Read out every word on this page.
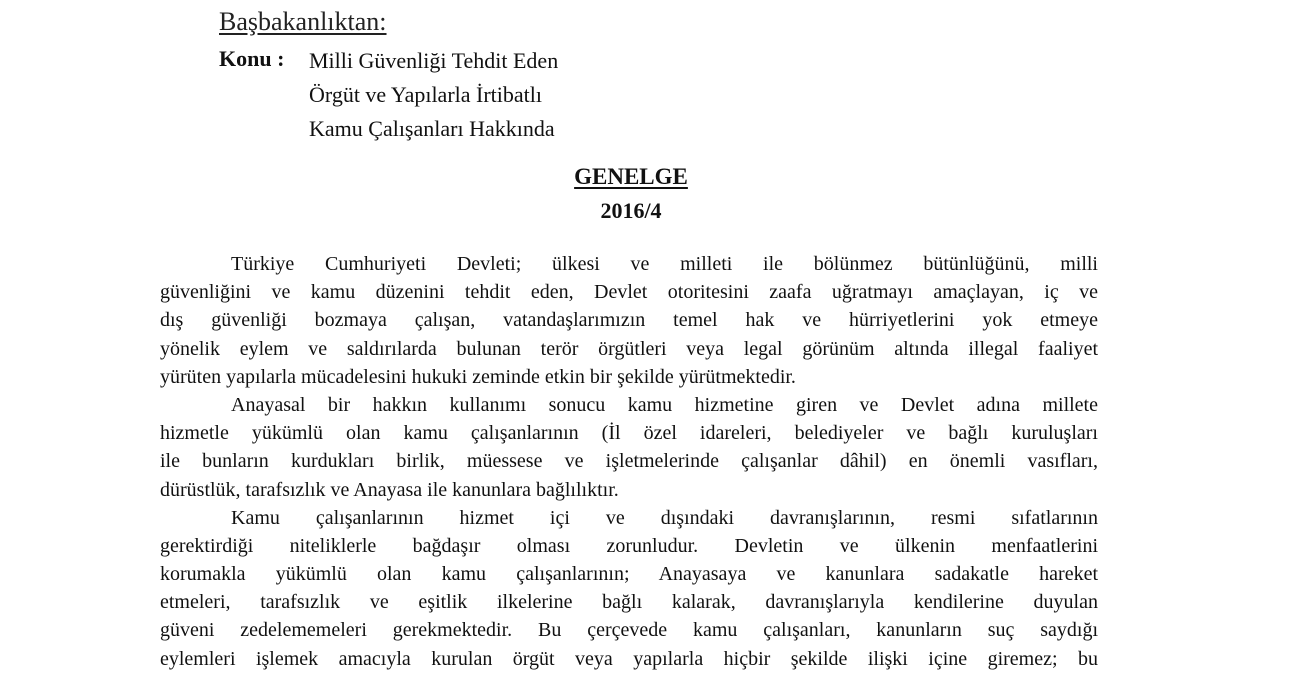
Başbakanlıktan:
Konu : Milli Güvenliği Tehdit Eden
Örgüt ve Yapılarla İrtibatlı
Kamu Çalışanları Hakkında
GENELGE
2016/4
Türkiye Cumhuriyeti Devleti; ülkesi ve milleti ile bölünmez bütünlüğünü, milli
güvenliğini ve kamu düzenini tehdit eden, Devlet otoritesini zaafa uğratmayı amaçlayan, iç ve
dış güvenliği bozmaya çalışan, vatandaşlarımızın temel hak ve hürriyetlerini yok etmeye
yönelik eylem ve saldırılarda bulunan terör örgütleri veya legal görünüm altında illegal faaliyet
yürüten yapılarla mücadelesini hukuki zeminde etkin bir şekilde yürütmektedir.
Anayasal bir hakkın kullanımı sonucu kamu hizmetine giren ve Devlet adına millete
hizmetle yükümlü olan kamu çalışanlarının (İl özel idareleri, belediyeler ve bağlı kuruluşları
ile bunların kurdukları birlik, müessese ve işletmelerinde çalışanlar dâhil) en önemli vasıfları,
dürüstlük, tarafsızlık ve Anayasa ile kanunlara bağlılıktır.
Kamu çalışanlarının hizmet içi ve dışındaki davranışlarının, resmi sıfatlarının
gerektirdiği niteliklerle bağdaşır olması zorunludur. Devletin ve ülkenin menfaatlerini
korumakla yükümlü olan kamu çalışanlarının; Anayasaya ve kanunlara sadakatle hareket
etmeleri, tarafsızlık ve eşitlik ilkelerine bağlı kalarak, davranışlarıyla kendilerine duyulan
güveni zedelememeleri gerekmektedir. Bu çerçevede kamu çalışanları, kanunların suç saydığı
eylemleri işlemek amacıyla kurulan örgüt veya yapılarla hiçbir şekilde ilişki içine giremez; bu
